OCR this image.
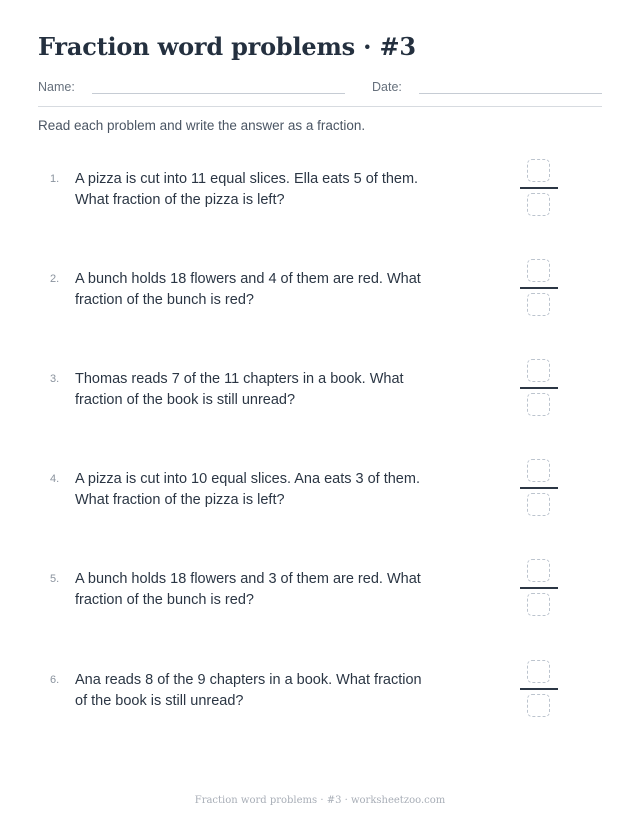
Fraction word problems · #3
Name:	Date:
Read each problem and write the answer as a fraction.
1. A pizza is cut into 11 equal slices. Ella eats 5 of them. What fraction of the pizza is left?
2. A bunch holds 18 flowers and 4 of them are red. What fraction of the bunch is red?
3. Thomas reads 7 of the 11 chapters in a book. What fraction of the book is still unread?
4. A pizza is cut into 10 equal slices. Ana eats 3 of them. What fraction of the pizza is left?
5. A bunch holds 18 flowers and 3 of them are red. What fraction of the bunch is red?
6. Ana reads 8 of the 9 chapters in a book. What fraction of the book is still unread?
Fraction word problems · #3 · worksheetzoo.com
